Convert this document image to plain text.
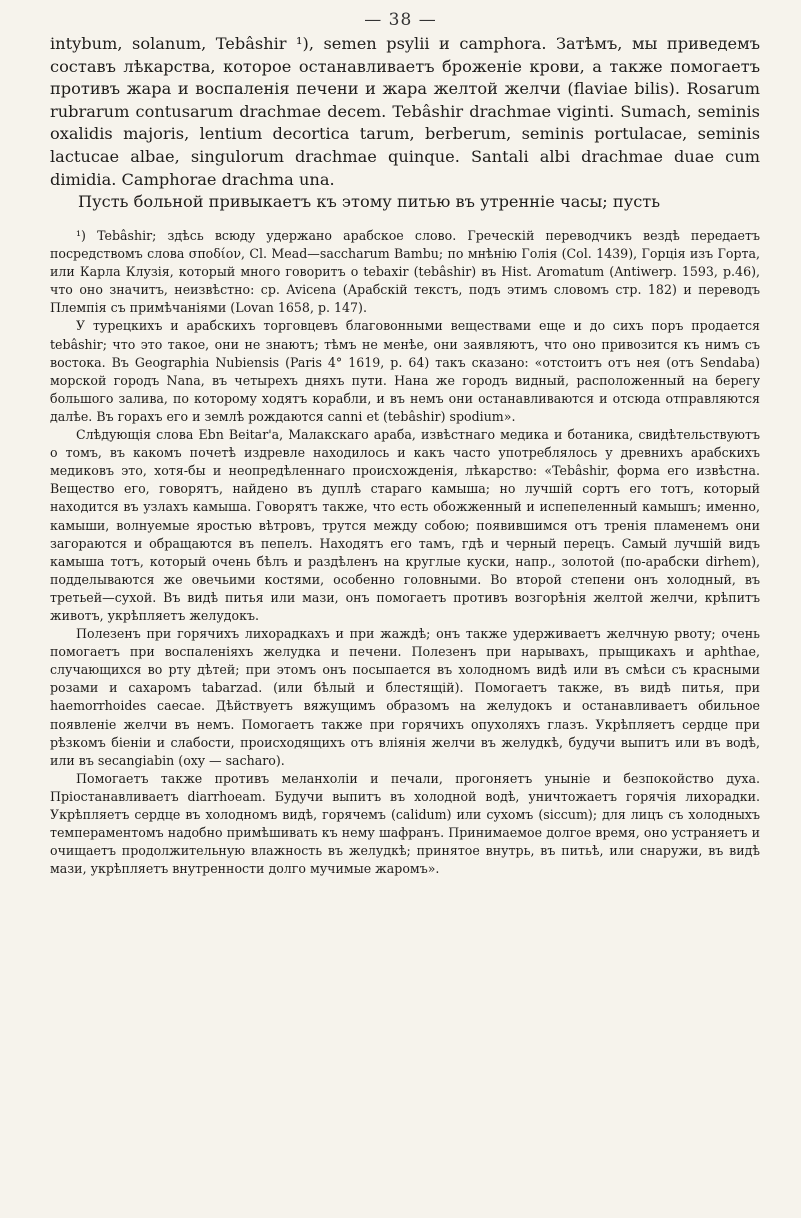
— 38 —

intybum, solanum, Tebâshir ¹), semen psylii и camphora. Затѣмъ, мы приведемъ составъ лѣкарства, которое останавливаетъ броженіе крови, а также помогаетъ противъ жара и воспаленія печени и жара желтой желчи (flaviae bilis). Rosarum rubrarum contusarum drachmae decem. Tebâshir drachmae viginti. Sumach, seminis oxalidis majoris, lentium decortica tarum, berberum, seminis portulacae, seminis lactucae albae, singulorum drachmae quinque. Santali albi drachmae duae cum dimidia. Camphorae drachma una.

Пусть больной привыкаетъ къ этому питью въ утренніе часы; пусть

¹) Tebâshir; здѣсь всюду удержано арабское слово. Греческій переводчикъ вездѣ передаетъ посредствомъ слова σποδίον, Cl. Mead—saccharum Bambu; по мнѣнію Голія (Col. 1439), Горція изъ Горта, или Карла Клузія, который много говоритъ о tebaxir (tebâshir) въ Hist. Aromatum (Antiwerp. 1593, p.46), что оно значитъ, неизвѣстно: ср. Avicena (Арабскій текстъ, подъ этимъ словомъ стр. 182) и переводъ Племпія съ примѣчаніями (Lovan 1658, p. 147).

У турецкихъ и арабскихъ торговцевъ благовонными веществами еще и до сихъ поръ продается tebâshir; что это такое, они не знаютъ; тѣмъ не менѣе, они заявляютъ, что оно привозится къ нимъ съ востока. Въ Geographia Nubiensis (Paris 4° 1619, p. 64) такъ сказано: «отстоитъ отъ нея (отъ Sendaba) морской городъ Nana, въ четырехъ дняхъ пути. Нана же городъ видный, расположенный на берегу большого залива, по которому ходятъ корабли, и въ немъ они останавливаются и отсюда отправляются далѣе. Въ горахъ его и землѣ рождаются canni et (tebâshir) spodium».

Слѣдующія слова Ebn Beitar'a, Малакскаго араба, извѣстнаго медика и ботаника, свидѣтельствуютъ о томъ, въ какомъ почетѣ издревле находилось и какъ часто употреблялось у древнихъ арабскихъ медиковъ это, хотя-бы и неопредѣленнаго происхожденія, лѣкарство: «Tebâshir, форма его извѣстна. Вещество его, говорятъ, найдено въ дуплѣ стараго камыша; но лучшій сортъ его тотъ, который находится въ узлахъ камыша. Говорятъ также, что есть обожженный и испепеленный камышъ; именно, камыши, волнуемые яростью вѣтровъ, трутся между собою; появившимся отъ тренія пламенемъ они загораются и обращаются въ пепелъ. Находятъ его тамъ, гдѣ и черный перецъ. Самый лучшій видъ камыша тотъ, который очень бѣлъ и раздѣленъ на круглые куски, напр., золотой (по-арабски dirhem), подделываются же овечьими костями, особенно головными. Во второй степени онъ холодный, въ третьей—сухой. Въ видѣ питья или мази, онъ помогаетъ противъ возгорѣнія желтой желчи, крѣпитъ животъ, укрѣпляетъ желудокъ.

Полезенъ при горячихъ лихорадкахъ и при жаждѣ; онъ также удерживаетъ желчную рвоту; очень помогаетъ при воспаленіяхъ желудка и печени. Полезенъ при нарывахъ, прыщикахъ и aphthae, случающихся во рту дѣтей; при этомъ онъ посыпается въ холодномъ видѣ или въ смѣси съ красными розами и сахаромъ tabarzad. (или бѣлый и блестящій). Помогаетъ также, въ видѣ питья, при haemorrhoides caecae. Дѣйствуетъ вяжущимъ образомъ на желудокъ и останавливаетъ обильное появленіе желчи въ немъ. Помогаетъ также при горячихъ опухоляхъ глазъ. Укрѣпляетъ сердце при рѣзкомъ біеніи и слабости, происходящихъ отъ вліянія желчи въ желудкѣ, будучи выпитъ или въ водѣ, или въ secangiabin (oxy — sacharo).

Помогаетъ также противъ меланхоліи и печали, прогоняетъ уныніе и безпокойство духа. Пріостанавливаетъ diarrhoeam. Будучи выпитъ въ холодной водѣ, уничтожаетъ горячія лихорадки. Укрѣпляетъ сердце въ холодномъ видѣ, горячемъ (calidum) или сухомъ (siccum); для лицъ съ холодныхъ темпераментомъ надобно примѣшивать къ нему шафранъ. Принимаемое долгое время, оно устраняетъ и очищаетъ продолжительную влажность въ желудкѣ; принятое внутрь, въ питьѣ, или снаружи, въ видѣ мази, укрѣпляетъ внутренности долго мучимые жаромъ».
